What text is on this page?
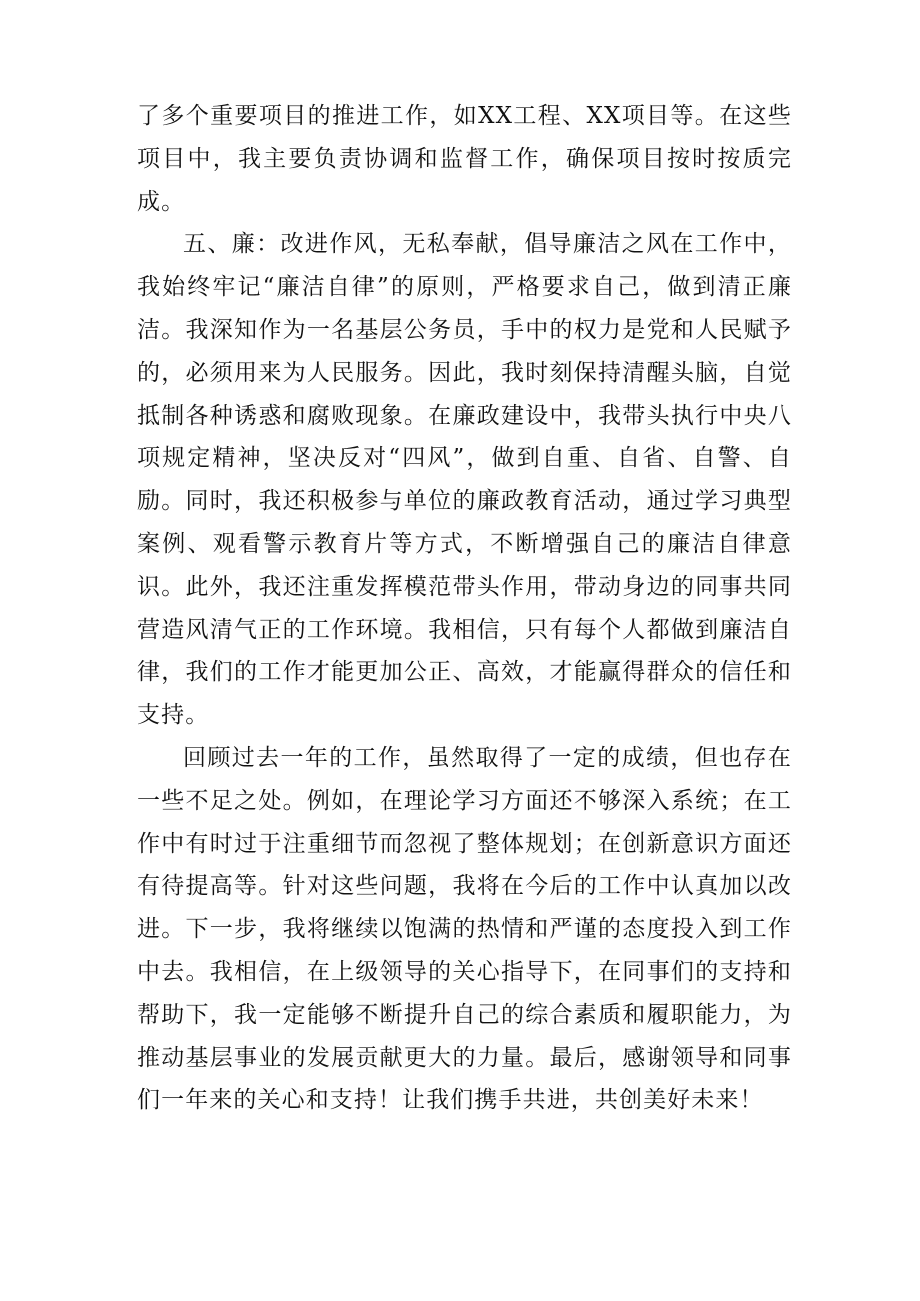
了多个重要项目的推进工作，如XX工程、XX项目等。在这些项目中，我主要负责协调和监督工作，确保项目按时按质完成。

五、廉：改进作风，无私奉献，倡导廉洁之风在工作中，我始终牢记“廉洁自律”的原则，严格要求自己，做到清正廉洁。我深知作为一名基层公务员，手中的权力是党和人民赋予的，必须用来为人民服务。因此，我时刻保持清醒头脑，自觉抵制各种诱惑和腐败现象。在廉政建设中，我带头执行中央八项规定精神，坚决反对“四风”，做到自重、自省、自警、自励。同时，我还积极参与单位的廉政教育活动，通过学习典型案例、观看警示教育片等方式，不断增强自己的廉洁自律意识。此外，我还注重发挥模范带头作用，带动身边的同事共同营造风清气正的工作环境。我相信，只有每个人都做到廉洁自律，我们的工作才能更加公正、高效，才能赢得群众的信任和支持。

回顾过去一年的工作，虽然取得了一定的成绩，但也存在一些不足之处。例如，在理论学习方面还不够深入系统；在工作中有时过于注重细节而忽视了整体规划；在创新意识方面还有待提高等。针对这些问题，我将在今后的工作中认真加以改进。下一步，我将继续以饱满的热情和严谨的态度投入到工作中去。我相信，在上级领导的关心指导下，在同事们的支持和帮助下，我一定能够不断提升自己的综合素质和履职能力，为推动基层事业的发展贡献更大的力量。最后，感谢领导和同事们一年来的关心和支持！让我们携手共进，共创美好未来！
